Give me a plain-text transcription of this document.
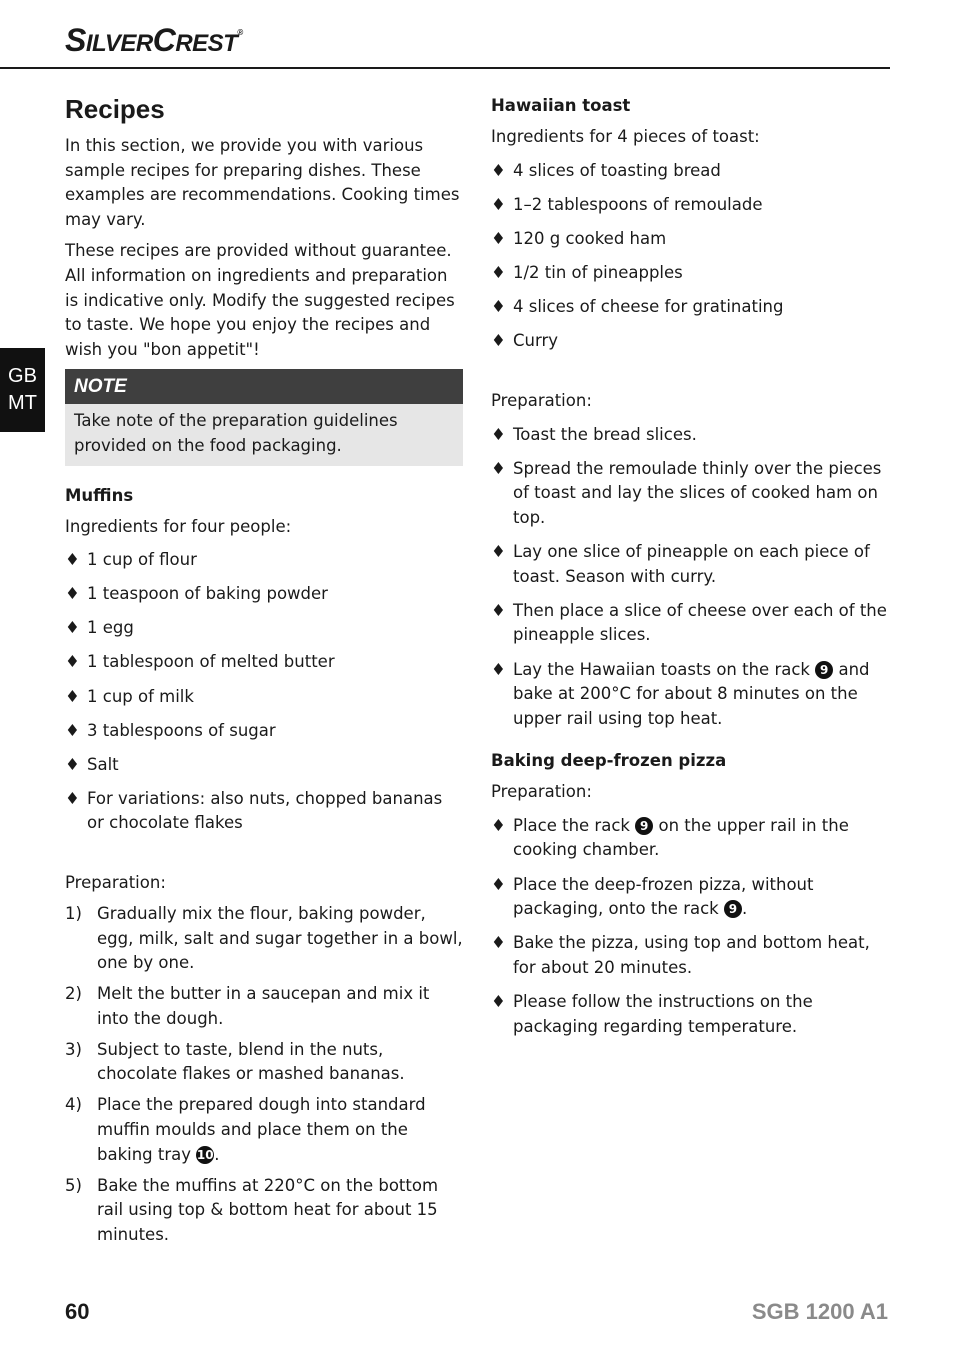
SILVERCREST®
GB
MT
Recipes

In this section, we provide you with various sample recipes for preparing dishes. These examples are recommendations. Cooking times may vary.

These recipes are provided without guarantee. All information on ingredients and preparation is indicative only. Modify the suggested recipes to taste. We hope you enjoy the recipes and wish you "bon appetit"!

NOTE
Take note of the preparation guidelines provided on the food packaging.
Muffins

Ingredients for four people:

♦ 1 cup of flour
♦ 1 teaspoon of baking powder
♦ 1 egg
♦ 1 tablespoon of melted butter
♦ 1 cup of milk
♦ 3 tablespoons of sugar
♦ Salt
♦ For variations: also nuts, chopped bananas or chocolate flakes

Preparation:

1) Gradually mix the flour, baking powder, egg, milk, salt and sugar together in a bowl, one by one.
2) Melt the butter in a saucepan and mix it into the dough.
3) Subject to taste, blend in the nuts, chocolate flakes or mashed bananas.
4) Place the prepared dough into standard muffin moulds and place them on the baking tray 10.
5) Bake the muffins at 220°C on the bottom rail using top & bottom heat for about 15 minutes.
Hawaiian toast

Ingredients for 4 pieces of toast:

♦ 4 slices of toasting bread
♦ 1–2 tablespoons of remoulade
♦ 120 g cooked ham
♦ 1/2 tin of pineapples
♦ 4 slices of cheese for gratinating
♦ Curry

Preparation:

♦ Toast the bread slices.
♦ Spread the remoulade thinly over the pieces of toast and lay the slices of cooked ham on top.
♦ Lay one slice of pineapple on each piece of toast. Season with curry.
♦ Then place a slice of cheese over each of the pineapple slices.
♦ Lay the Hawaiian toasts on the rack 9 and bake at 200°C for about 8 minutes on the upper rail using top heat.
Baking deep-frozen pizza

Preparation:

♦ Place the rack 9 on the upper rail in the cooking chamber.
♦ Place the deep-frozen pizza, without packaging, onto the rack 9 .
♦ Bake the pizza, using top and bottom heat, for about 20 minutes.
♦ Please follow the instructions on the packaging regarding temperature.
60	SGB 1200 A1
